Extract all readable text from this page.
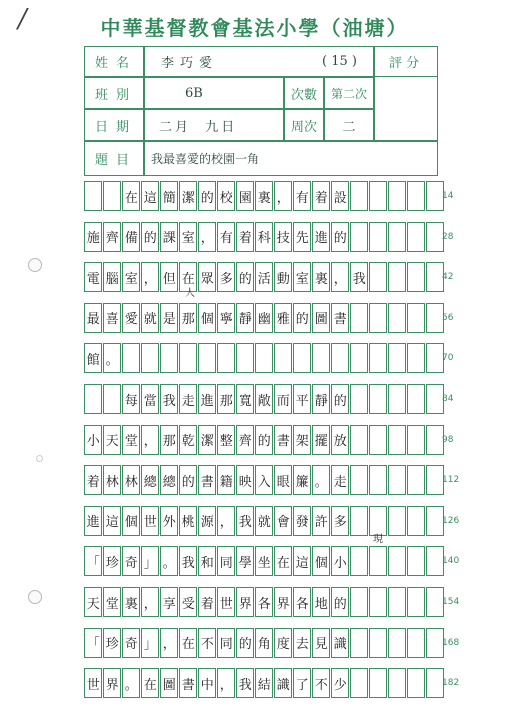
/	中華基督教會基法小學（油塘）
姓名	李巧愛	( 15 )	評分
班別	6B	次數	第二次
日期	二月  九日	周次	二
題目	我最喜愛的校園一角
在 這 簡 潔 的 校 園 裏 ， 有 着 設
施 齊 備 的 課 室 ， 有 着 科 技 先 進 的
電 腦 室 ， 但 在 眾 多 的 活 動 室 裏 ， 我
最 喜 愛 就 是 那 個 寧 靜 幽 雅 的 圖 書
館 。
每 當 我 走 進 那 寬 敞 而 平 靜 的
小 天 堂 ， 那 乾 潔 整 齊 的 書 架 擺 放
着 林 林 總 總 的 書 籍 映 入 眼 簾 。 走
進 這 個 世 外 桃 源 ， 我 就 會 發 許 多
「 珍 奇 」 。 我 和 同 學 坐 在 這 個 小
天 堂 裏 ， 享 受 着 世 界 各 界 各 地 的
「 珍 奇 」 ， 在 不 同 的 角 度 去 見 識
世 界 。 在 圖 書 中 ， 我 結 識 了 不 少
人
現
14
28
42
56
70
84
98
112
126
140
154
168
182
